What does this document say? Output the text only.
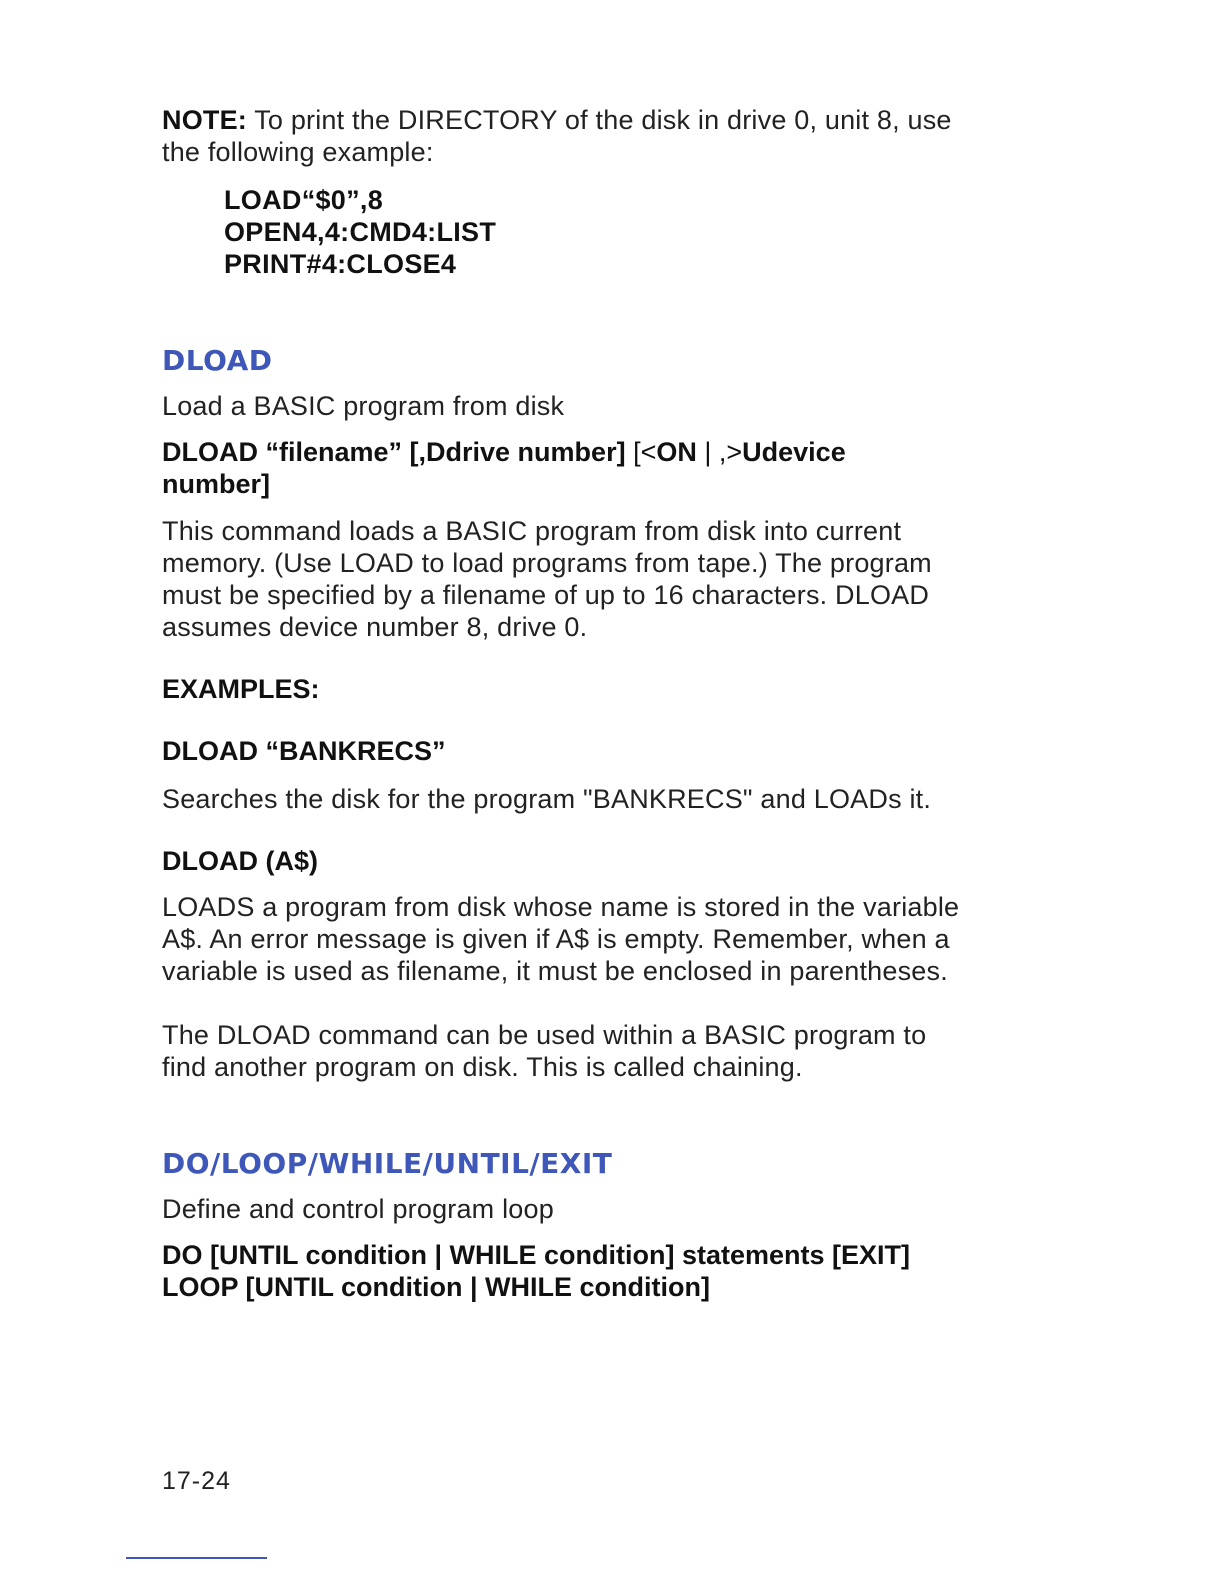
NOTE: To print the DIRECTORY of the disk in drive 0, unit 8, use

the following example:

LOAD“$0”,8

OPEN4,4:CMD4:LIST

PRINT#4:CLOSE4

DLOAD

Load a BASIC program from disk

DLOAD “filename” [,Ddrive number] [<ON | ,>Udevice

number]

This command loads a BASIC program from disk into current

memory. (Use LOAD to load programs from tape.) The program

must be specified by a filename of up to 16 characters. DLOAD

assumes device number 8, drive 0.

EXAMPLES:

DLOAD “BANKRECS”

Searches the disk for the program "BANKRECS" and LOADs it.

DLOAD (A$)

LOADS a program from disk whose name is stored in the variable

A$. An error message is given if A$ is empty. Remember, when a

variable is used as filename, it must be enclosed in parentheses.

The DLOAD command can be used within a BASIC program to

find another program on disk. This is called chaining.

DO/LOOP/WHILE/UNTIL/EXIT

Define and control program loop

DO [UNTIL condition | WHILE condition] statements [EXIT]

LOOP [UNTIL condition | WHILE condition]

17-24
